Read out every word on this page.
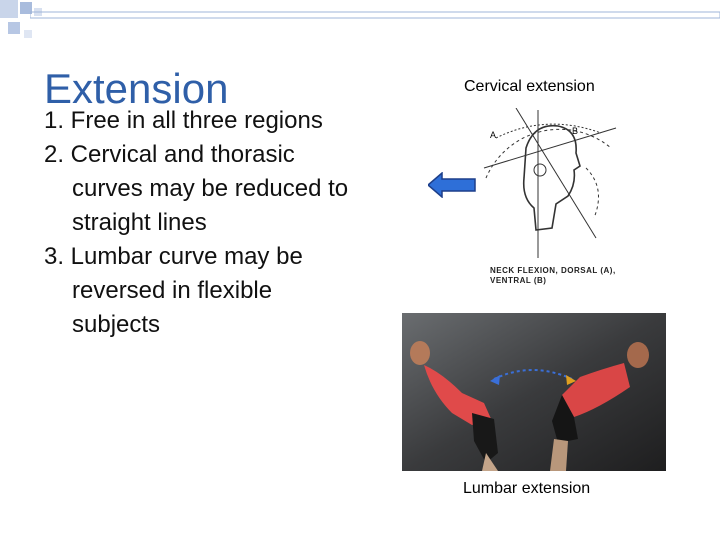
Extension
1. Free in all three regions
2. Cervical and thorasic curves may be reduced to straight lines
3. Lumbar curve may be reversed in flexible subjects
Cervical extension
A	B
NECK FLEXION, DORSAL (A),
VENTRAL (B)
Lumbar extension
